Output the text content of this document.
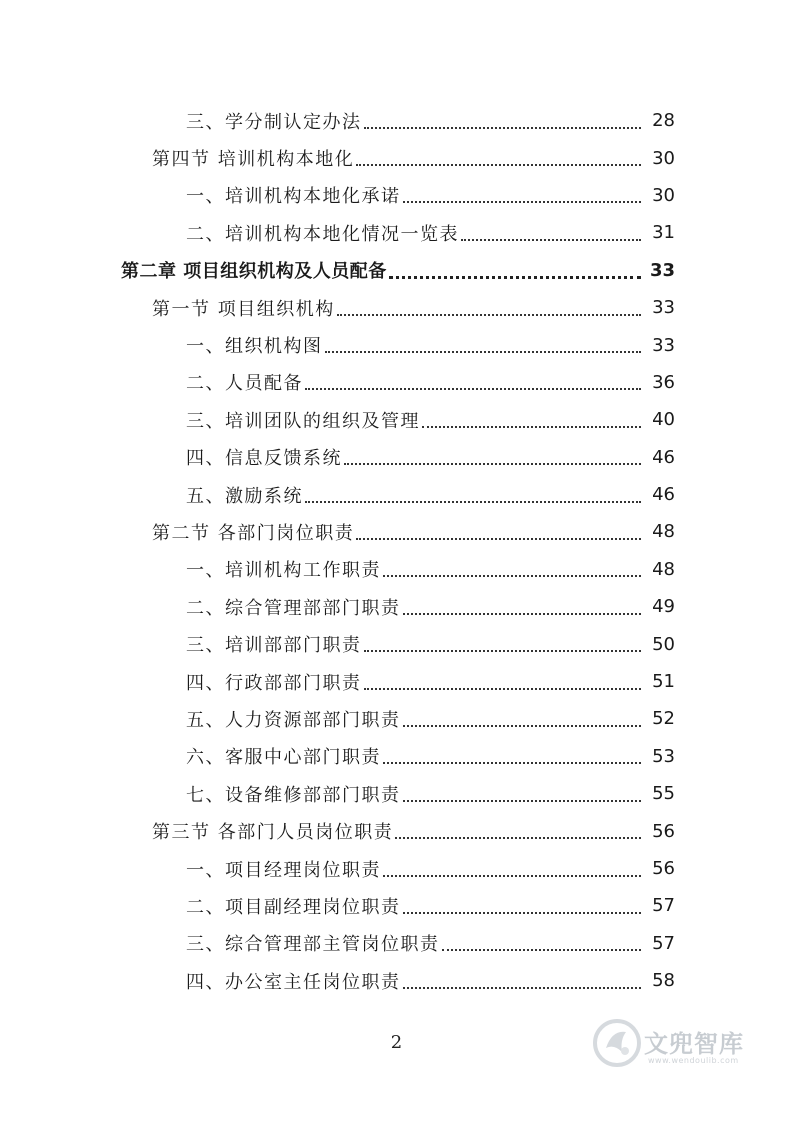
三、学分制认定办法	28
第四节 培训机构本地化	30
一、培训机构本地化承诺	30
二、培训机构本地化情况一览表	31
第二章 项目组织机构及人员配备	33
第一节 项目组织机构	33
一、组织机构图	33
二、人员配备	36
三、培训团队的组织及管理	40
四、信息反馈系统	46
五、激励系统	46
第二节 各部门岗位职责	48
一、培训机构工作职责	48
二、综合管理部部门职责	49
三、培训部部门职责	50
四、行政部部门职责	51
五、人力资源部部门职责	52
六、客服中心部门职责	53
七、设备维修部部门职责	55
第三节 各部门人员岗位职责	56
一、项目经理岗位职责	56
二、项目副经理岗位职责	57
三、综合管理部主管岗位职责	57
四、办公室主任岗位职责	58
2	文兜智库
www.wendoulib.com
